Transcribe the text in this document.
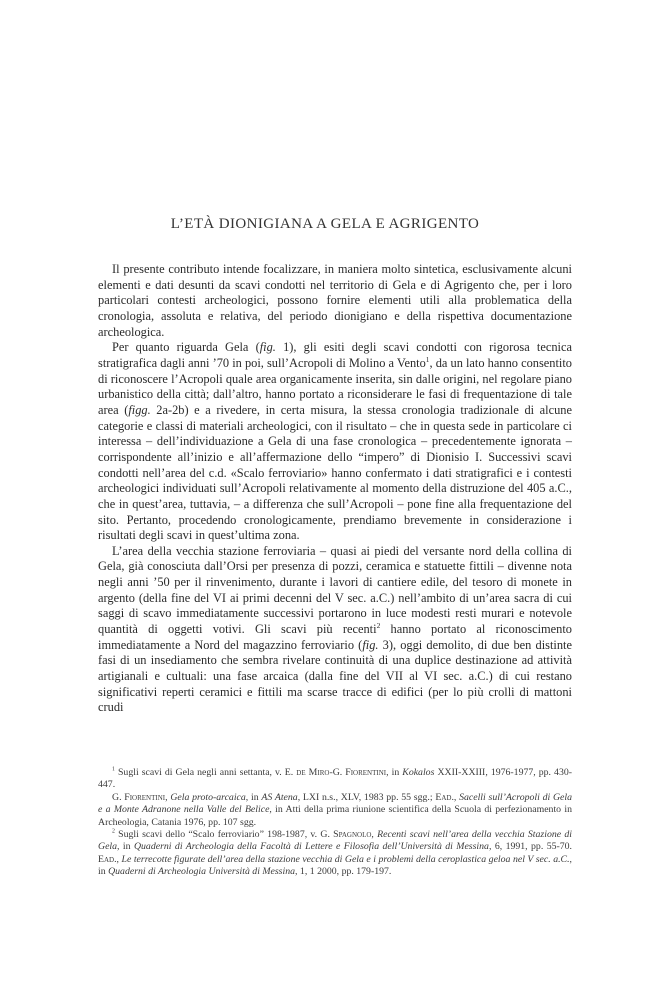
L’ETÀ DIONIGIANA A GELA E AGRIGENTO

Il presente contributo intende focalizzare, in maniera molto sintetica, esclusivamente alcuni elementi e dati desunti da scavi condotti nel territorio di Gela e di Agrigento che, per i loro particolari contesti archeologici, possono fornire elementi utili alla problematica della cronologia, assoluta e relativa, del periodo dionigiano e della rispettiva documentazione archeologica.

Per quanto riguarda Gela (fig. 1), gli esiti degli scavi condotti con rigorosa tecnica stratigrafica dagli anni ’70 in poi, sull’Acropoli di Molino a Vento$^1$, da un lato hanno consentito di riconoscere l’Acropoli quale area organicamente inserita, sin dalle origini, nel regolare piano urbanistico della città; dall’altro, hanno portato a riconsiderare le fasi di frequentazione di tale area (figg. 2a-2b) e a rivedere, in certa misura, la stessa cronologia tradizionale di alcune categorie e classi di materiali archeologici, con il risultato – che in questa sede in particolare ci interessa – dell’individuazione a Gela di una fase cronologica – precedentemente ignorata – corrispondente all’inizio e all’affermazione dello “impero” di Dionisio I. Successivi scavi condotti nell’area del c.d. «Scalo ferroviario» hanno confermato i dati stratigrafici e i contesti archeologici individuati sull’Acropoli relativamente al momento della distruzione del 405 a.C., che in quest’area, tuttavia, – a differenza che sull’Acropoli – pone fine alla frequentazione del sito. Pertanto, procedendo cronologicamente, prendiamo brevemente in considerazione i risultati degli scavi in quest’ultima zona.

L’area della vecchia stazione ferroviaria – quasi ai piedi del versante nord della collina di Gela, già conosciuta dall’Orsi per presenza di pozzi, ceramica e statuette fittili – divenne nota negli anni ’50 per il rinvenimento, durante i lavori di cantiere edile, del tesoro di monete in argento (della fine del VI ai primi decenni del V sec. a.C.) nell’ambito di un’area sacra di cui saggi di scavo immediatamente successivi portarono in luce modesti resti murari e notevole quantità di oggetti votivi. Gli scavi più recenti$^2$ hanno portato al riconoscimento immediatamente a Nord del magazzino ferroviario (fig. 3), oggi demolito, di due ben distinte fasi di un insediamento che sembra rivelare continuità di una duplice destinazione ad attività artigianali e cultuali: una fase arcaica (dalla fine del VII al VI sec. a.C.) di cui restano significativi reperti ceramici e fittili ma scarse tracce di edifici (per lo più crolli di mattoni crudi

$^1$ Sugli scavi di Gela negli anni settanta, v. E. de Miro-G. Fiorentini, in Kokalos XXII-XXIII, 1976-1977, pp. 430-447.

G. Fiorentini, Gela proto-arcaica, in AS Atena, LXI n.s., XLV, 1983 pp. 55 sgg.; Ead., Sacelli sull’Acropoli di Gela e a Monte Adranone nella Valle del Belice, in Atti della prima riunione scientifica della Scuola di perfezionamento in Archeologia, Catania 1976, pp. 107 sgg.

$^2$ Sugli scavi dello “Scalo ferroviario” 198-1987, v. G. Spagnolo, Recenti scavi nell’area della vecchia Stazione di Gela, in Quaderni di Archeologia della Facoltà di Lettere e Filosofia dell’Università di Messina, 6, 1991, pp. 55-70. Ead., Le terrecotte figurate dell’area della stazione vecchia di Gela e i problemi della ceroplastica geloa nel V sec. a.C., in Quaderni di Archeologia Università di Messina, 1, 1 2000, pp. 179-197.
